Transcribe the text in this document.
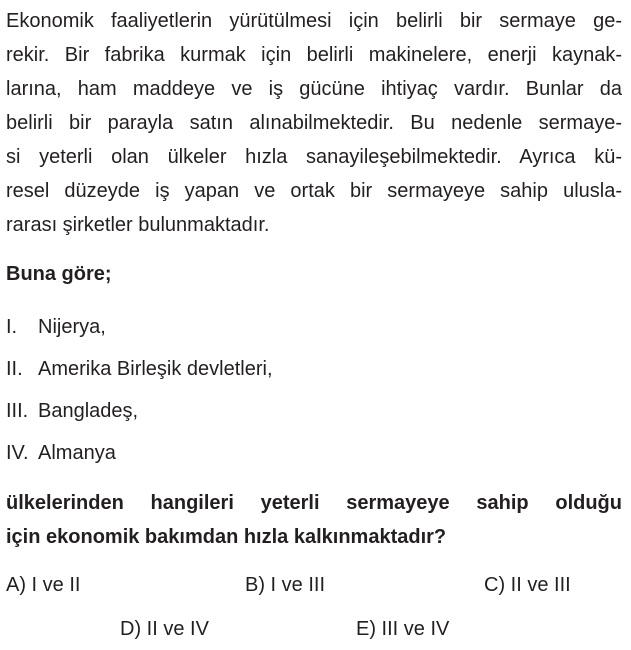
Ekonomik faaliyetlerin yürütülmesi için belirli bir sermaye ge-
rekir. Bir fabrika kurmak için belirli makinelere, enerji kaynak-
larına, ham maddeye ve iş gücüne ihtiyaç vardır. Bunlar da
belirli bir parayla satın alınabilmektedir. Bu nedenle sermaye-
si yeterli olan ülkeler hızla sanayileşebilmektedir. Ayrıca kü-
resel düzeyde iş yapan ve ortak bir sermayeye sahip ulusla-
rarası şirketler bulunmaktadır.
Buna göre;
I. Nijerya,
II. Amerika Birleşik devletleri,
III. Bangladeş,
IV. Almanya
ülkelerinden hangileri yeterli sermayeye sahip olduğu
için ekonomik bakımdan hızla kalkınmaktadır?
A) I ve II	B) I ve III	C) II ve III
D) II ve IV	E) III ve IV
